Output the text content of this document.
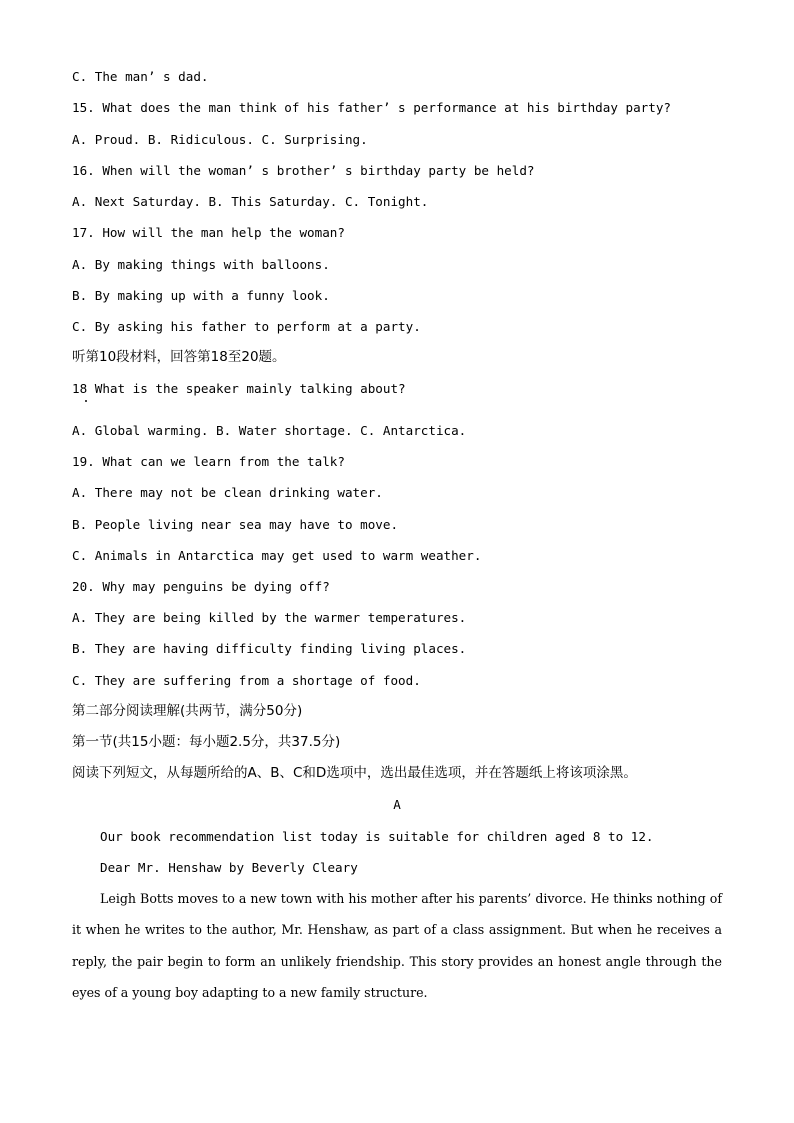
C. The man’ s dad.
15. What does the man think of his father’ s performance at his birthday party?
A. Proud. B. Ridiculous. C. Surprising.
16. When will the woman’ s brother’ s birthday party be held?
A. Next Saturday. B. This Saturday. C. Tonight.
17. How will the man help the woman?
A. By making things with balloons.
B. By making up with a funny look.
C. By asking his father to perform at a party.
听第10段材料，回答第18至20题。
18 What is the speaker mainly talking about?
A. Global warming. B. Water shortage. C. Antarctica.
19. What can we learn from the talk?
A. There may not be clean drinking water.
B. People living near sea may have to move.
C. Animals in Antarctica may get used to warm weather.
20. Why may penguins be dying off?
A. They are being killed by the warmer temperatures.
B. They are having difficulty finding living places.
C. They are suffering from a shortage of food.
第二部分阅读理解(共两节，满分50分)
第一节(共15小题：每小题2.5分，共37.5分)
阅读下列短文，从每题所给的A、B、C和D选项中，选出最佳选项，并在答题纸上将该项涂黑。
A
Our book recommendation list today is suitable for children aged 8 to 12.
Dear Mr. Henshaw by Beverly Cleary
Leigh Botts moves to a new town with his mother after his parents’ divorce. He thinks nothing of it when he writes to the author, Mr. Henshaw, as part of a class assignment. But when he receives a reply, the pair begin to form an unlikely friendship. This story provides an honest angle through the eyes of a young boy adapting to a new family structure.
